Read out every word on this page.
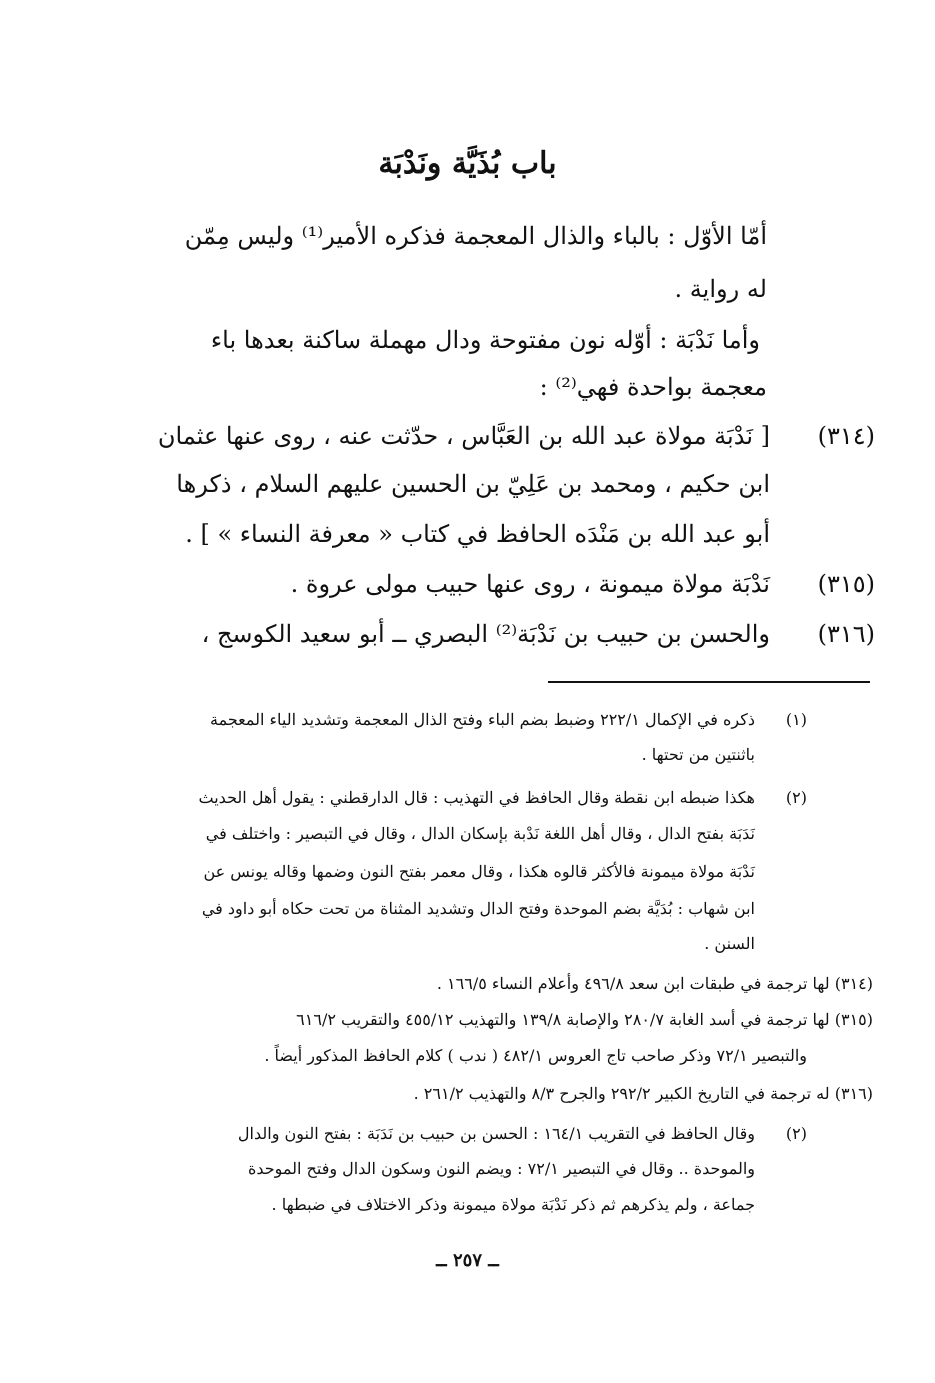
باب بُذَيَّة ونَدْبَة
أمّا الأوّل : بالباء والذال المعجمة فذكره الأمير⁽¹⁾ وليس مِمّن
له رواية .
وأما نَدْبَة : أوّله نون مفتوحة ودال مهملة ساكنة بعدها باء
معجمة بواحدة فهي⁽²⁾ :
(٣١٤)
[ نَدْبَة مولاة عبد الله بن العَبَّاس ، حدّثت عنه ، روى عنها عثمان
ابن حكيم ، ومحمد بن عَلِيّ بن الحسين عليهم السلام ، ذكرها
أبو عبد الله بن مَنْدَه الحافظ في كتاب « معرفة النساء » ] .
(٣١٥)
نَدْبَة مولاة ميمونة ، روى عنها حبيب مولى عروة .
(٣١٦)
والحسن بن حبيب بن نَدْبَة⁽²⁾ البصري ــ أبو سعيد الكوسج ،
(١)
ذكره في الإكمال ٢٢٢/١ وضبط بضم الباء وفتح الذال المعجمة وتشديد الياء المعجمة
باثنتين من تحتها .
(٢)
هكذا ضبطه ابن نقطة وقال الحافظ في التهذيب : قال الدارقطني : يقول أهل الحديث
نَدَبَة بفتح الدال ، وقال أهل اللغة نَدْبة بإسكان الدال ، وقال في التبصير : واختلف في
نَدْبَة مولاة ميمونة فالأكثر قالوه هكذا ، وقال معمر بفتح النون وضمها وقاله يونس عن
ابن شهاب : بُدَيَّة بضم الموحدة وفتح الدال وتشديد المثناة من تحت حكاه أبو داود في
السنن .
(٣١٤) لها ترجمة في طبقات ابن سعد ٤٩٦/٨ وأعلام النساء ١٦٦/٥ .
(٣١٥) لها ترجمة في أسد الغابة ٢٨٠/٧ والإصابة ١٣٩/٨ والتهذيب ٤٥٥/١٢ والتقريب ٦١٦/٢
والتبصير ٧٢/١ وذكر صاحب تاج العروس ٤٨٢/١ ( ندب ) كلام الحافظ المذكور أيضاً .
(٣١٦) له ترجمة في التاريخ الكبير ٢٩٢/٢ والجرح ٨/٣ والتهذيب ٢٦١/٢ .
(٢)
وقال الحافظ في التقريب ١٦٤/١ : الحسن بن حبيب بن نَدَبَة : بفتح النون والدال
والموحدة .. وقال في التبصير ٧٢/١ : ويضم النون وسكون الدال وفتح الموحدة
جماعة ، ولم يذكرهم ثم ذكر نَدْبَة مولاة ميمونة وذكر الاختلاف في ضبطها .
ــ ٢٥٧ ــ
